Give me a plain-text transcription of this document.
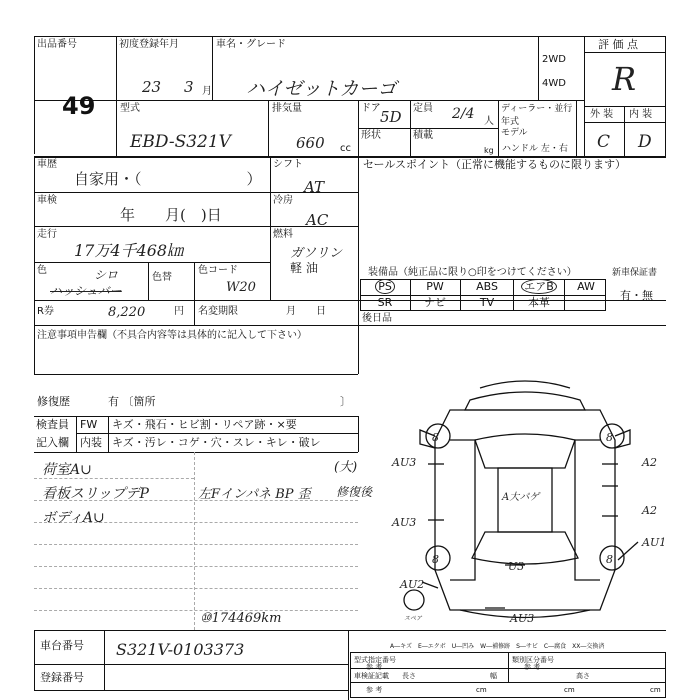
出品番号
49
初度登録年月
23 3 月
車名・グレード
ハイゼットカーゴ
2WD
4WD
評 価 点
R
型式
EBD-S321V
排気量
660 cc
ドア 5D 定員 2/4 人
ディーラー・並行
年式
モデル
形状	積載
kg ハンドル 左・右
外 装 内 装
C D
車歴
自家用・（　　　　　　　）
シフト
AT
車検
年　　月(　)日
冷房
AC
走行
17万4千468㎞
燃料
ガソリン
軽 油
色	シロ
ハッシュバー
色替
色コード
W20
R券	8,220	円 名変期限	月　　日
セールスポイント（正常に機能するものに限ります）
装備品（純正品に限り○印をつけてください）
PS	PW	ABS	エアB	AW
SR	ナビ	TV	本革
新車保証書
有・無
後日品
注意事項申告欄（不具合内容等は具体的に記入して下さい）
修復歴	有 〔箇所	〕
検査員 FW キズ・飛石・ヒビ割・リペア跡・×要
記入欄 内装 キズ・汚レ・コゲ・穴・スレ・キレ・破レ
荷室A∪
看板スリップデP
ボディA∪
左Fインパネ BP 歪
(大)
修復後
⑩174469km
8	8
8	8
AU3	A2
AU3
A2
AU1
AU2
U3
A大パゲ
AU3
スペア
車台番号 S321V-0103373
登録番号
A―キズ　E―エクボ　U―凹み　W―補修跡　S―サビ　C―腐食　XX―交換済
型式指定番号
参 考
類別区分番号
参 考
車検証記載
参 考
長さ
cm
幅
cm
高さ
cm
